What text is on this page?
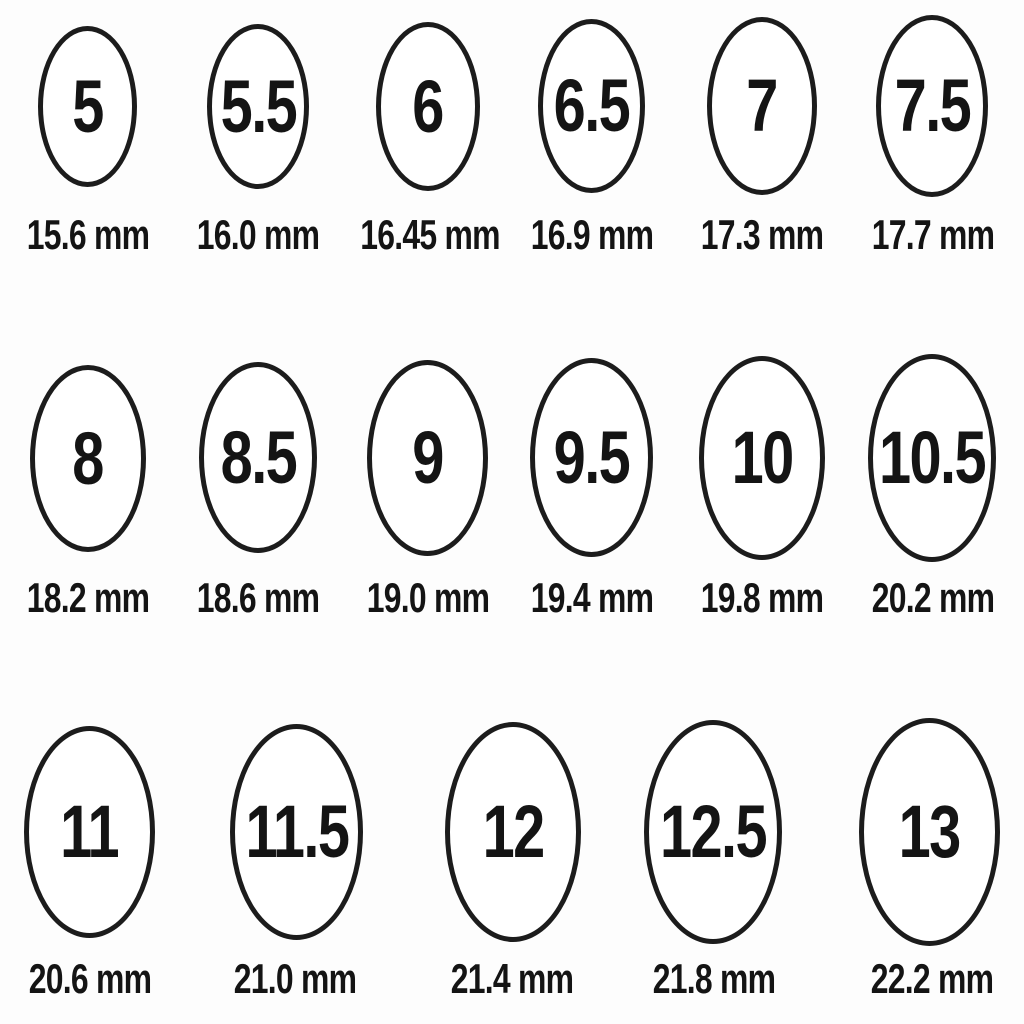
5
15.6 mm
5.5
16.0 mm
6
16.45 mm
6.5
16.9 mm
7
17.3 mm
7.5
17.7 mm
8
18.2 mm
8.5
18.6 mm
9
19.0 mm
9.5
19.4 mm
10
19.8 mm
10.5
20.2 mm
11
20.6 mm
11.5
21.0 mm
12
21.4 mm
12.5
21.8 mm
13
22.2 mm
